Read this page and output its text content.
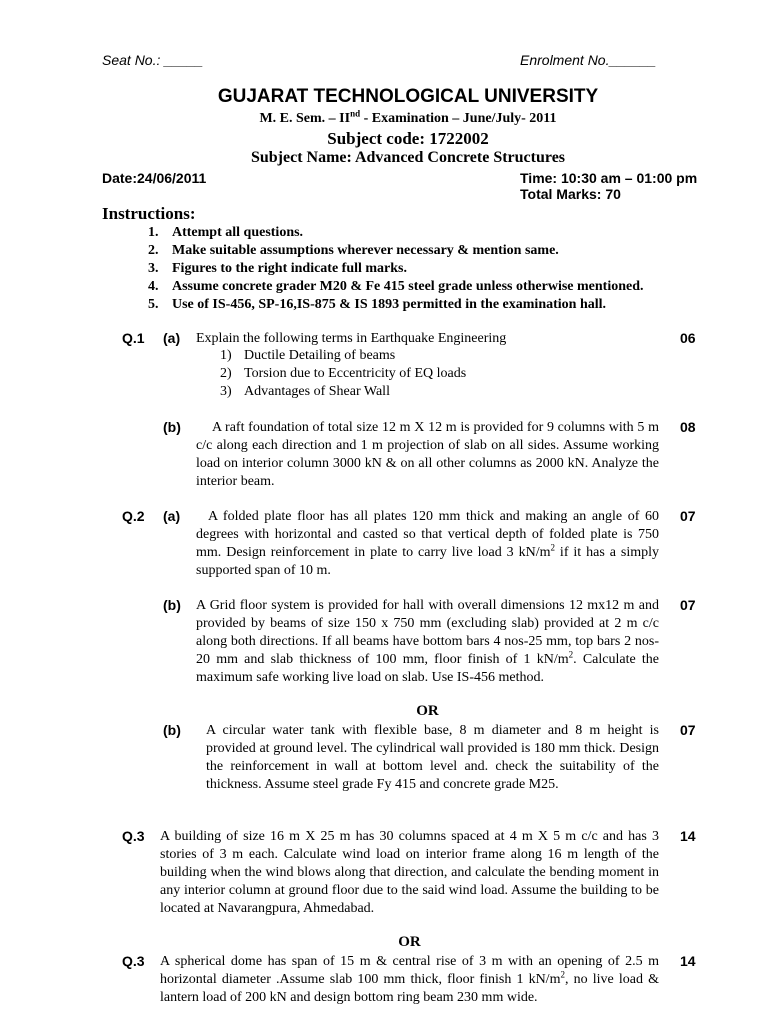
Seat No.: _____	Enrolment No.______
GUJARAT TECHNOLOGICAL UNIVERSITY
M. E. Sem. – IInd - Examination – June/July- 2011
Subject code: 1722002
Subject Name: Advanced Concrete Structures
Date:24/06/2011	Time: 10:30 am – 01:00 pm
Total Marks: 70
Instructions:
1. Attempt all questions.
2. Make suitable assumptions wherever necessary & mention same.
3. Figures to the right indicate full marks.
4. Assume concrete grader M20 & Fe 415 steel grade unless otherwise mentioned.
5. Use of IS-456, SP-16,IS-875 & IS 1893 permitted in the examination hall.
Q.1 (a) Explain the following terms in Earthquake Engineering	06
1) Ductile Detailing of beams
2) Torsion due to Eccentricity of EQ loads
3) Advantages of Shear Wall
(b)	A raft foundation of total size 12 m X 12 m is provided for 9 columns with 5 m c/c along each direction and 1 m projection of slab on all sides. Assume working load on interior column 3000 kN & on all other columns as 2000 kN. Analyze the interior beam.
08
Q.2 (a)	A folded plate floor has all plates 120 mm thick and making an angle of 60 degrees with horizontal and casted so that vertical depth of folded plate is 750 mm. Design reinforcement in plate to carry live load 3 $kN/m^2$ if it has a simply supported span of 10 m.
07
(b) A Grid floor system is provided for hall with overall dimensions 12 mx12 m and provided by beams of size 150 x 750 mm (excluding slab) provided at 2 m c/c along both directions. If all beams have bottom bars 4 nos-25 mm, top bars 2 nos-20 mm and slab thickness of 100 mm, floor finish of 1 $kN/m^2$. Calculate the maximum safe working live load on slab. Use IS-456 method.
07
OR
(b) A circular water tank with flexible base, 8 m diameter and 8 m height is provided at ground level. The cylindrical wall provided is 180 mm thick. Design the reinforcement in wall at bottom level and. check the suitability of the thickness. Assume steel grade Fy 415 and concrete grade M25.
07
Q.3 A building of size 16 m X 25 m has 30 columns spaced at 4 m X 5 m c/c and has 3 stories of 3 m each. Calculate wind load on interior frame along 16 m length of the building when the wind blows along that direction, and calculate the bending moment in any interior column at ground floor due to the said wind load. Assume the building to be located at Navarangpura, Ahmedabad.
14
OR
Q.3 A spherical dome has span of 15 m & central rise of 3 m with an opening of 2.5 m horizontal diameter .Assume slab 100 mm thick, floor finish 1 $kN/m^2$, no live load & lantern load of 200 kN and design bottom ring beam 230 mm wide.
14
